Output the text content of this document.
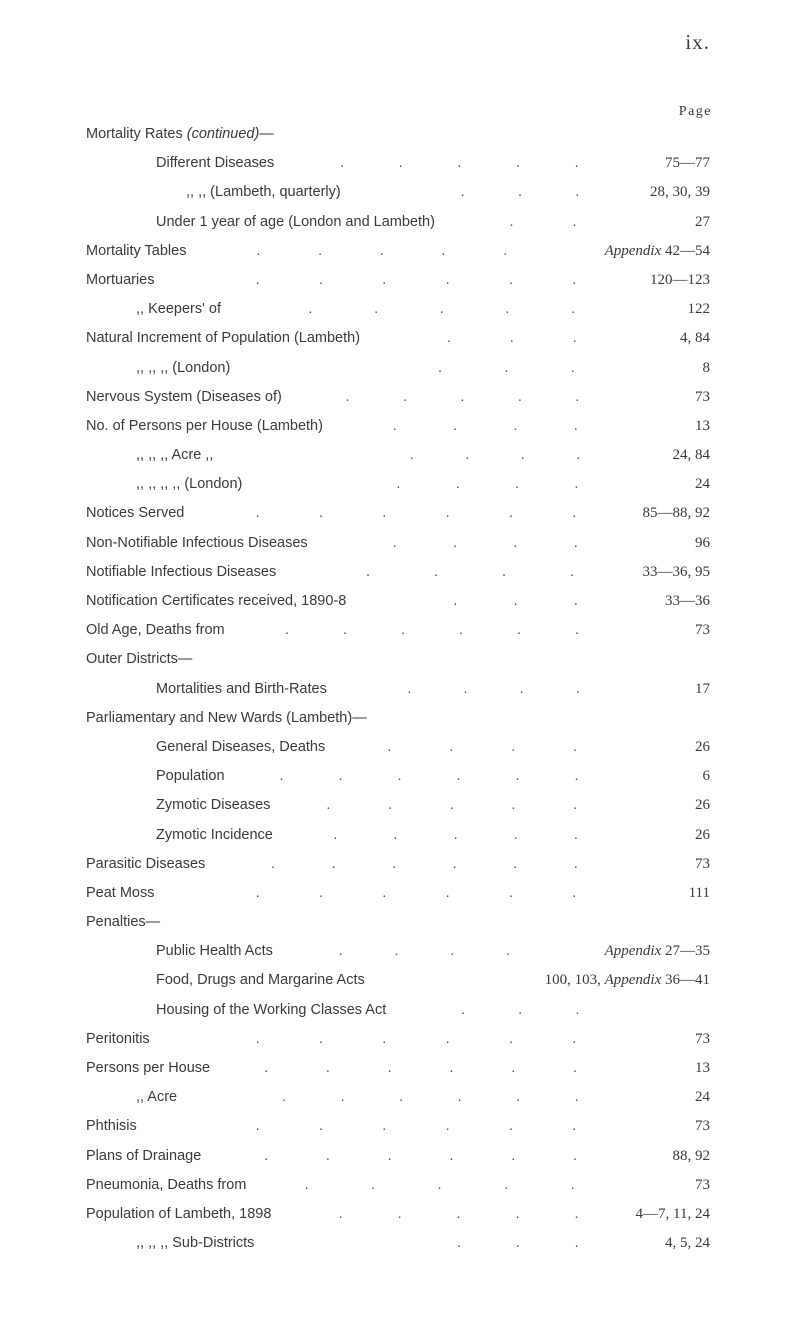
ix.
Page
Mortality Rates (continued)—
Different Diseases	.	.	.	.	.	75—77
,, ,, (Lambeth, quarterly)	.	.	.	28, 30, 39
Under 1 year of age (London and Lambeth)	.	.	27
Mortality Tables	.	.	.	.	.	Appendix 42—54
Mortuaries	.	.	.	.	.	.	120—123
,, Keepers' of	.	.	.	.	.	122
Natural Increment of Population (Lambeth)	.	.	.	4, 84
,, ,, ,, (London)	.	.	.	8
Nervous System (Diseases of)	.	.	.	.	.	73
No. of Persons per House (Lambeth)	.	.	.	.	13
,, ,, ,, Acre ,,	.	.	.	.	24, 84
,, ,, ,, ,, (London)	.	.	.	.	24
Notices Served	.	.	.	.	.	.	85—88, 92
Non-Notifiable Infectious Diseases	.	.	.	.	96
Notifiable Infectious Diseases	.	.	.	.	33—36, 95
Notification Certificates received, 1890-8	.	.	.	33—36
Old Age, Deaths from	.	.	.	.	.	.	73
Outer Districts—
Mortalities and Birth-Rates	.	.	.	.	17
Parliamentary and New Wards (Lambeth)—
General Diseases, Deaths	.	.	.	.	26
Population	.	.	.	.	.	.	6
Zymotic Diseases	.	.	.	.	.	26
Zymotic Incidence	.	.	.	.	.	26
Parasitic Diseases	.	.	.	.	.	.	73
Peat Moss	.	.	.	.	.	.	111
Penalties—
Public Health Acts	.	.	.	.	Appendix 27—35
Food, Drugs and Margarine Acts	100, 103, Appendix 36—41
Housing of the Working Classes Act	.	.	.
Peritonitis	.	.	.	.	.	.	73
Persons per House	.	.	.	.	.	.	13
,, Acre	.	.	.	.	.	.	24
Phthisis	.	.	.	.	.	.	73
Plans of Drainage	.	.	.	.	.	.	88, 92
Pneumonia, Deaths from	.	.	.	.	.	73
Population of Lambeth, 1898	.	.	.	.	.	4—7, 11, 24
,, ,, ,, Sub-Districts	.	.	.	4, 5, 24
